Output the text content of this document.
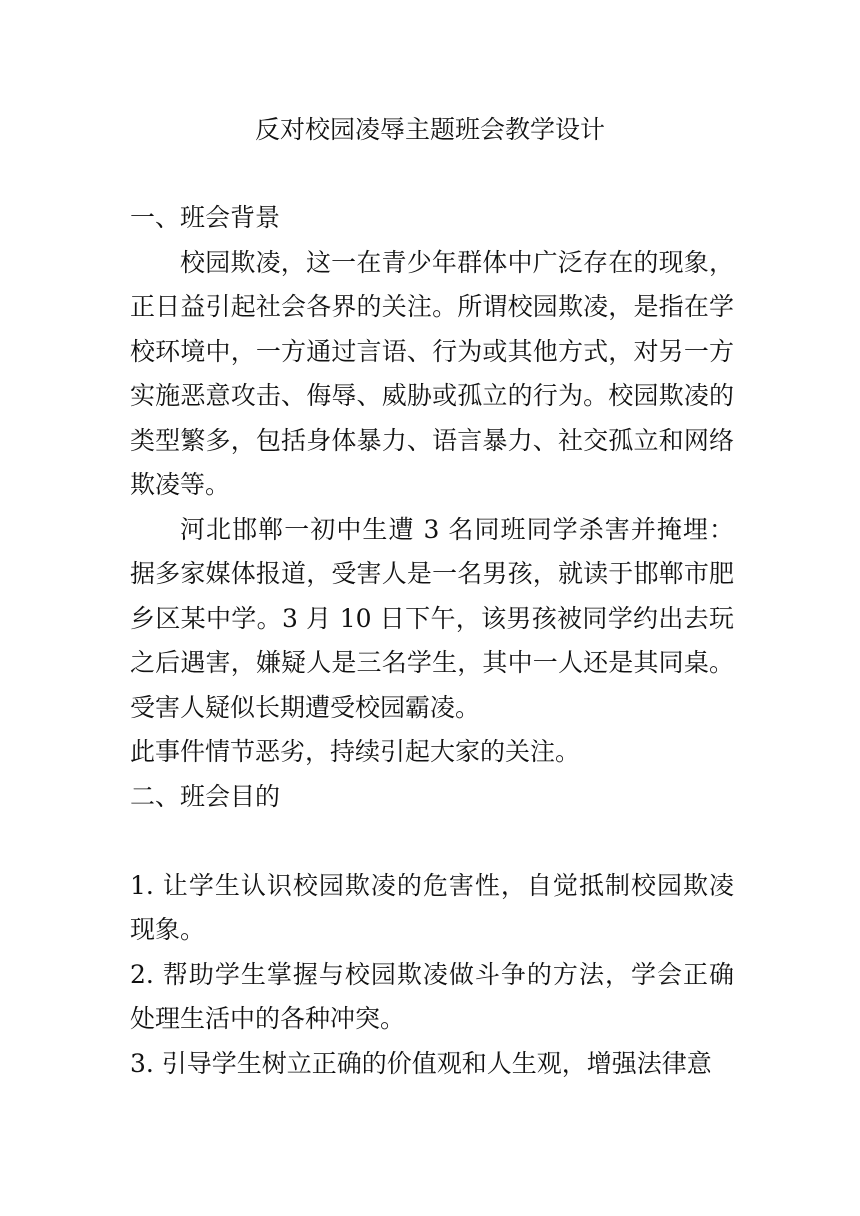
反对校园凌辱主题班会教学设计

一、班会背景

校园欺凌，这一在青少年群体中广泛存在的现象，正日益引起社会各界的关注。所谓校园欺凌，是指在学校环境中，一方通过言语、行为或其他方式，对另一方实施恶意攻击、侮辱、威胁或孤立的行为。校园欺凌的类型繁多，包括身体暴力、语言暴力、社交孤立和网络欺凌等。

河北邯郸一初中生遭 3 名同班同学杀害并掩埋：据多家媒体报道，受害人是一名男孩，就读于邯郸市肥乡区某中学。3 月 10 日下午，该男孩被同学约出去玩之后遇害，嫌疑人是三名学生，其中一人还是其同桌。受害人疑似长期遭受校园霸凌。

此事件情节恶劣，持续引起大家的关注。

二、班会目的

1. 让学生认识校园欺凌的危害性，自觉抵制校园欺凌现象。

2. 帮助学生掌握与校园欺凌做斗争的方法，学会正确处理生活中的各种冲突。

3. 引导学生树立正确的价值观和人生观，增强法律意
